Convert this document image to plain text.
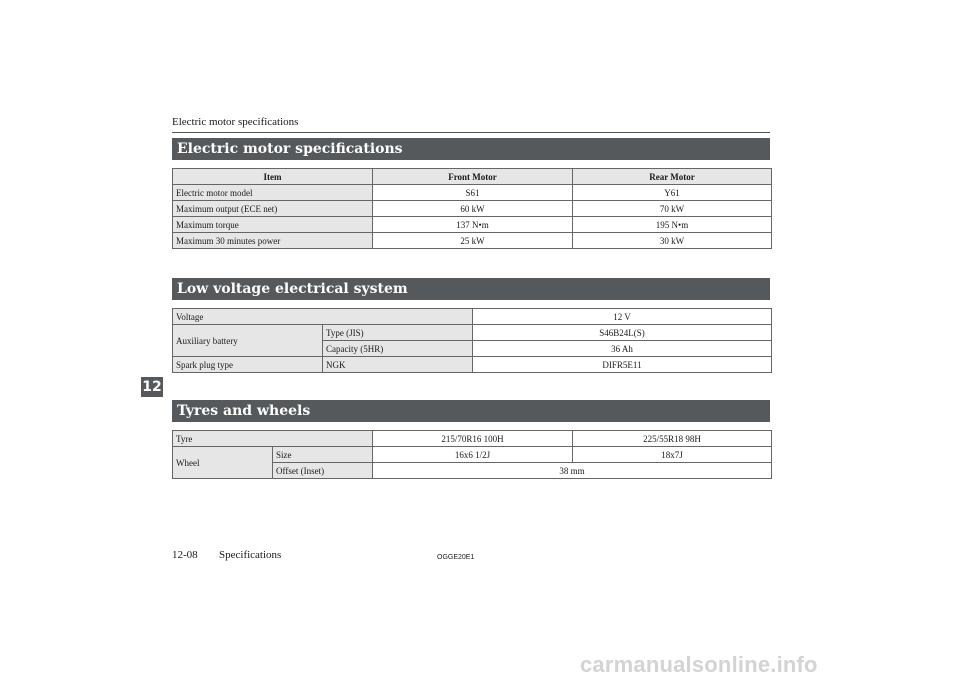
Electric motor specifications
Electric motor specifications
Item	Front Motor	Rear Motor
Electric motor model	S61	Y61
Maximum output (ECE net)	60 kW	70 kW
Maximum torque	137 N•m	195 N•m
Maximum 30 minutes power	25 kW	30 kW
Low voltage electrical system
Voltage		12 V
Auxiliary battery	Type (JIS)	S46B24L(S)
	Capacity (5HR)	36 Ah
Spark plug type	NGK	DIFR5E11
Tyres and wheels
Tyre		215/70R16 100H	225/55R18 98H
Wheel	Size	16x6 1/2J	18x7J
	Offset (Inset)	38 mm	
12
12-08 Specifications	OGGE20E1
carmanualsonline.info
